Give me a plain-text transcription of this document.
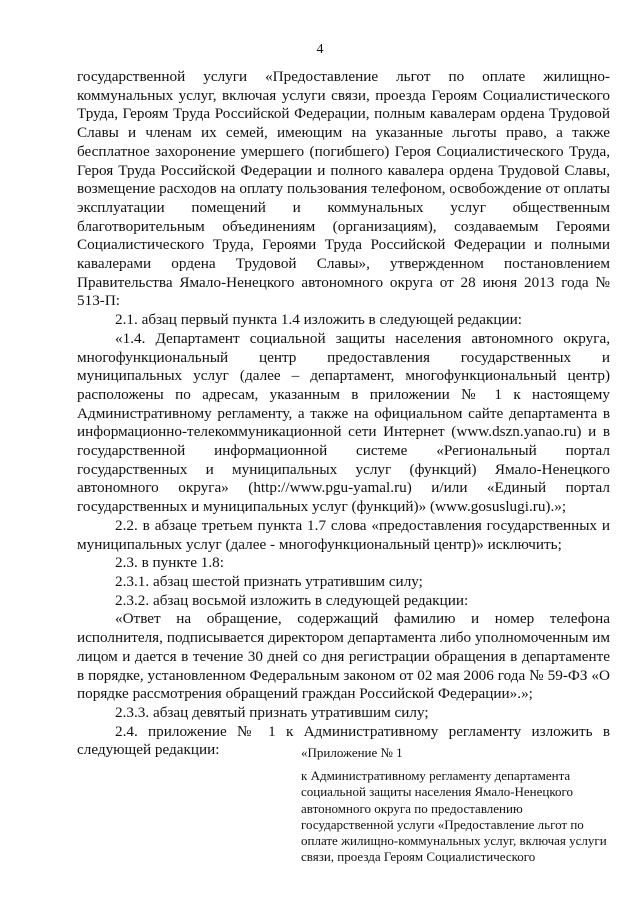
4

государственной услуги «Предоставление льгот по оплате жилищно-коммунальных услуг, включая услуги связи, проезда Героям Социалистического Труда, Героям Труда Российской Федерации, полным кавалерам ордена Трудовой Славы и членам их семей, имеющим на указанные льготы право, а также бесплатное захоронение умершего (погибшего) Героя Социалистического Труда, Героя Труда Российской Федерации и полного кавалера ордена Трудовой Славы, возмещение расходов на оплату пользования телефоном, освобождение от оплаты эксплуатации помещений и коммунальных услуг общественным благотворительным объединениям (организациям), создаваемым Героями Социалистического Труда, Героями Труда Российской Федерации и полными кавалерами ордена Трудовой Славы», утвержденном постановлением Правительства Ямало-Ненецкого автономного округа от 28 июня 2013 года № 513-П:

2.1. абзац первый пункта 1.4 изложить в следующей редакции:

«1.4. Департамент социальной защиты населения автономного округа, многофункциональный центр предоставления государственных и муниципальных услуг (далее – департамент, многофункциональный центр) расположены по адресам, указанным в приложении № 1 к настоящему Административному регламенту, а также на официальном сайте департамента в информационно-телекоммуникационной сети Интернет (www.dszn.yanao.ru) и в государственной информационной системе «Региональный портал государственных и муниципальных услуг (функций) Ямало-Ненецкого автономного округа» (http://www.pgu-yamal.ru) и/или «Единый портал государственных и муниципальных услуг (функций)» (www.gosuslugi.ru).»;

2.2. в абзаце третьем пункта 1.7 слова «предоставления государственных и муниципальных услуг (далее - многофункциональный центр)» исключить;

2.3. в пункте 1.8:

2.3.1. абзац шестой признать утратившим силу;

2.3.2. абзац восьмой изложить в следующей редакции:

«Ответ на обращение, содержащий фамилию и номер телефона исполнителя, подписывается директором департамента либо уполномоченным им лицом и дается в течение 30 дней со дня регистрации обращения в департаменте в порядке, установленном Федеральным законом от 02 мая 2006 года № 59-ФЗ «О порядке рассмотрения обращений граждан Российской Федерации».»;

2.3.3. абзац девятый признать утратившим силу;

2.4. приложение № 1 к Административному регламенту изложить в следующей редакции:	«Приложение № 1

к Административному регламенту департамента социальной защиты населения Ямало-Ненецкого автономного округа по предоставлению государственной услуги «Предоставление льгот по оплате жилищно-коммунальных услуг, включая услуги связи, проезда Героям Социалистического
